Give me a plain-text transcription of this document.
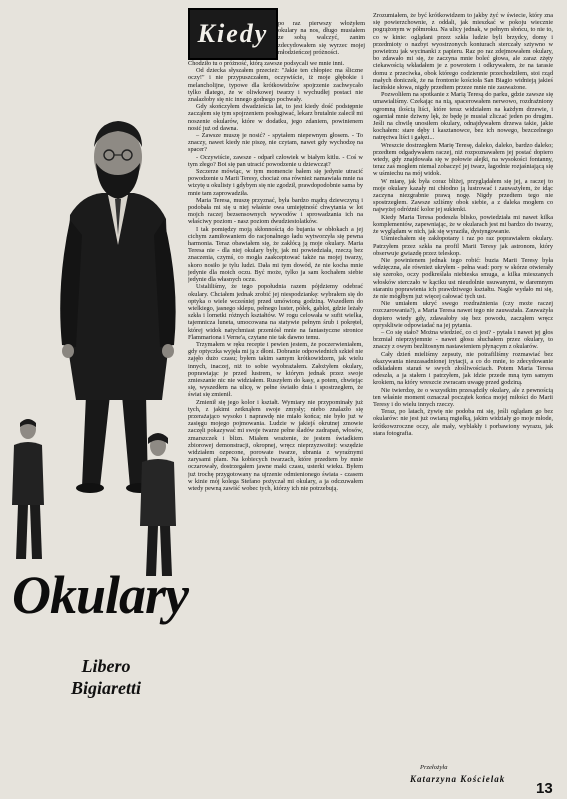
Kiedy po raz pierwszy włożyłem okulary na nos, długo musiałem ze sobą walczyć, zanim zdecydowałem się wyrzec mojej młodzieńczej próżności.

Chodziło tu o próżność, którą zawsze podsycali we mnie inni.

Od dziecka słyszałem przecież: "Jakie ten chłopiec ma śliczne oczy!" i nie przypuszczałem, oczywiście, iż moje głębokie i melancholijne, typowe dla krótkowidzów spojrzenie zachwycało tylko dlatego, że w oliwkowej twarzy i wychudłej postaci nie znalazłoby się nic innego godnego pochwały.

Gdy skończyłem dwadzieścia lat, to jest kiedy dość podstępnie zacząłem się tym spojrzeniem posługiwać, lekarz brutalnie zalecił mi noszenie okularów, które w dodatku, jego zdaniem, powinienem nosić już od dawna.

– Zawsze muszę je nosić? - spytałem niepewnym głosem. - To znaczy, nawet kiedy nie piszę, nie czytam, nawet gdy wychodzę na spacer?

- Oczywiście, zawsze - odparł człowiek w białym kitlu. - Coś w tym złego? Boi się pan utracić powodzenie u dziewcząt?

Szczerze mówiąc, w tym momencie bałem się jedynie utracić powodzenie u Marii Teresy, chociaż ona również namawiała mnie na wizytę u okulisty i gdybym się nie zgodził, prawdopodobnie sama by mnie tam zaprowadziła.

Maria Teresa, muszę przyznać, była bardzo mądrą dziewczyną i podobała mi się u niej właśnie owa umiejętność chwytania w lot mojch raczej bezsensownych wywodów i sprowadzania ich na właściwy poziom - nasz poziom dwudziestolatków.

I tak pomiędzy moją skłonnością do bujania w obłokach a jej cichym zamiłowaniem do racjonalnego ładu wytworzyła się pewna harmonia. Teraz obawiałem się, że zakłócą ją moje okulary. Maria Teresa nie - dla niej okulary były, jak mi powiedziała, rzeczą bez znaczenia, czymś, co mogła zaakceptować także na mojej twarzy, skoro nosiło je tylu ludzi. Dała mi tym dowód, że nie kocha mnie jedynie dla moich oczu. Być może, tylko ja sam kochałem siebie jedynie dla własnych oczu.

Ustaliliśmy, że tego popołudnia razem pójdziemy odebrać okulary. Chciałem jednak zrobić jej niespodziankę: wybrałem się do optyka o wiele wcześniej przed umówioną godziną. Wszedłem do wielkiego, jasnego sklepu, pełnego luster, półek, gablot, gdzie leżały szkła i lornetki różnych kształtów. W rogu celowała w sufit wielka, tajemnicza luneta, umocowana na statywie pełnym śrub i pokręteł, której widok natychmiast przeniósł mnie na fantastyczne stronice Flammariona i Verne'a, czytane nie tak dawno temu.

Trzymałem w ręku recepte i pewien jestem, że poczerwieniałem, gdy optyczka wyjęła mi ją z dłoni. Dobranie odpowiednich szkieł nie zajęło dużo czasu; byłem takim samym krótkowidzem, jak wielu innych, inaczej, niż to sobie wyobrażałem. Założyłem okulary, poprawiając je przed lustrem, w którym jednak przez swoje zmieszanie nic nie widziałem. Ruszyłem do kasy, a potem, chwiejąc się, wyszedłem na ulicę, w pełne światło dnia i spostrzegłem, że świat się zmienił.

Zmienił się jego kolor i kształt. Wymiary nie przypominały już tych, z jakimi zetknąłem swoje zmysły; niebo znalazło się przerażająco wysoko i naprawdę nie miało końca; nie było już w zasięgu mojego pojmowania. Ludzie w jakiejś okrutnej zmowie zaczęli pokazywać mi swoje twarze pełne śladów zadrapań, włosów, zmarszczek i blizn. Miałem wrażenie, że jestem świadkiem zbiorowej demonstracji, okropnej, wręcz nieprzyzwoitej: wszędzie widziałem ozpecone, porowate twarze, ubrania z wyraźnymi zarysami plam. Na kobiecych twarzach, które przedtem by mnie oczarowały, dostrzegałem jawne maki czasu, usterki wieku. Byłem już trochę przygotowany na ujrzenie odmienionego świata - czasem w kinie mój kolega Stefano pożyczał mi okulary, a ja odczuwałem wtedy pewną zawiść wobec tych, którzy ich nie potrzebują.

Zrozumiałem, że być krótkowidzem to jakby żyć w świecie, który zna się powierzchownie, z oddali, jak mieszkać w pokoju wiecznie pogrążonym w półmroku. Na ulicy jednak, w pełnym słońcu, to nie to, co w kinie: oglądani przez szkła ludzie byli brzydcy, domy i przedmioty o nazbyt wyostrzonych konturach sterczały sztywno w powietrzu jak wycinanki z papieru. Raz po raz zdejmowałem okulary, bo zdawało mi się, że zaczyna mnie boleć głowa, ale zaraz zżęty ciekawością wkładałem je z powrotem i odkrywałem, że na tarasie domu z przeciwka, obok którego codziennie przechodziłem, stoi rząd małych doniczek, że na frontonie kościoła San Biagio widnieją jakieś łacińskie słowa, nigdy przedtem przeze mnie nie zauważone.

Pozwoliłem na spotkanie z Marią Teresą do parku, gdzie zawsze się umawialiśmy. Czekając na nią, spacerowałem nerwowo, rozdrażniony ogromną ilością liści, które teraz widziałem na każdym drzewie, i ogarniał mnie dziwny lęk, że będę je musiał zliczać jeden po drugim. Jeśli na chwilę unosiłem okulary, odnajdywałem drzewa takie, jakie kochałem: stare dęby i kasztanowce, bez ich nowego, bezczelnego natręctwa liści i gałęzi...

Wreszcie dostrzegłem Marię Teresę, daleko, daleko, bardzo daleko; przedtem odgadywałem raczej, niż rozpoznawałem jej postać dopiero wtedy, gdy znajdowała się w połowie alejki, na wysokości fontanny, teraz zaś mogłem niemal zobaczyć jej twarz, łagodnie rozjaśniającą się w uśmiechu na mój widok.

W miarę, jak była coraz bliżej, przyglądałem się jej, a raczej to moje okulary kazały mi chłodno ją lustrować i zauważyłem, że idąc zaczyna niezgrabnie prawą nogę. Nigdy przedtem tego nie spostrzegłem. Zawsze szliśmy obok siebie, a z daleka mogłem co najwyżej odróżnić kolor jej sukienki.

Kiedy Maria Teresa podeszła blisko, powiedziała mi nawet kilka komplementów, zapewniając, że w okularach jest mi bardzo do twarzy, że wyglądam w nich, jak się wyraziła, dystyngowanie.

Uśmiechałem się zakłopotany i raz po raz poprawiałem okulary. Patrzyłem przez szkła na profil Marii Teresy jak astronom, który obserwuje gwiazdę przez teleskop.

Nie powinienem jednak tego robić: buzia Marii Teresy była wdzięczna, ale również ukryłem - pełna wad: pory w skórze otwierały się szeroko, oczy podkreślała niebieska smuga, a kilka mieszanych włosków sterczało w kąciku ust nieudolnie usuwanymi, w daremnym staraniu poprawienia ich prawdziwego kształtu. Nagle wydało mi się, że nie mógłbym już więcej całować tych ust.

Nie umiałem ukryć swego rozdrażnienia (czy może raczej rozczarowania?), a Maria Teresa nawet tego nie zauważała. Zauważyła dopiero wtedy gdy, zdawałoby się bez powodu, zacząłem wręcz opryskliwie odpowiadać na jej pytania.

– Co się stało? Można wiedzieć, co ci jest? - pytała i nawet jej głos brzmiał nieprzyjemnie - nawet głosu słuchałem przez okulary, to znaczy z owym bezlitosnym nastawieniem płynącym z okularów.

Cały dzień mieliśmy zepsuty, nie potrafiliśmy rozmawiać bez okazywania nieuzasadnionej irytacji, a co do mnie, to zdecydowanie odkładałem starań w swych złośliwościach. Potem Maria Teresa odeszła, a ja stałem i patrzyłem, jak idzie przede mną tym samym krokiem, na który wreszcie zwracam uwagę przed godziną.

Nie twierdzę, że o wszystkim przesądziły okulary, ale z pewnością ten właśnie moment oznaczał początek końca mojej miłości do Marii Teresy i do wielu innych rzeczy.

Teraz, po latach, żywię nie podoba mi się, jeśli oglądam go bez okularów: nie jest już owianą mgiełką, jakim widziały go moje młode, krótkowzroczne oczy, ale mały, wyblakły i porbawiony wyrazu, jak stara fotografia.

Okulary
Libero
Bigiaretti
Przełożyła
Katarzyna Kościelak
13
